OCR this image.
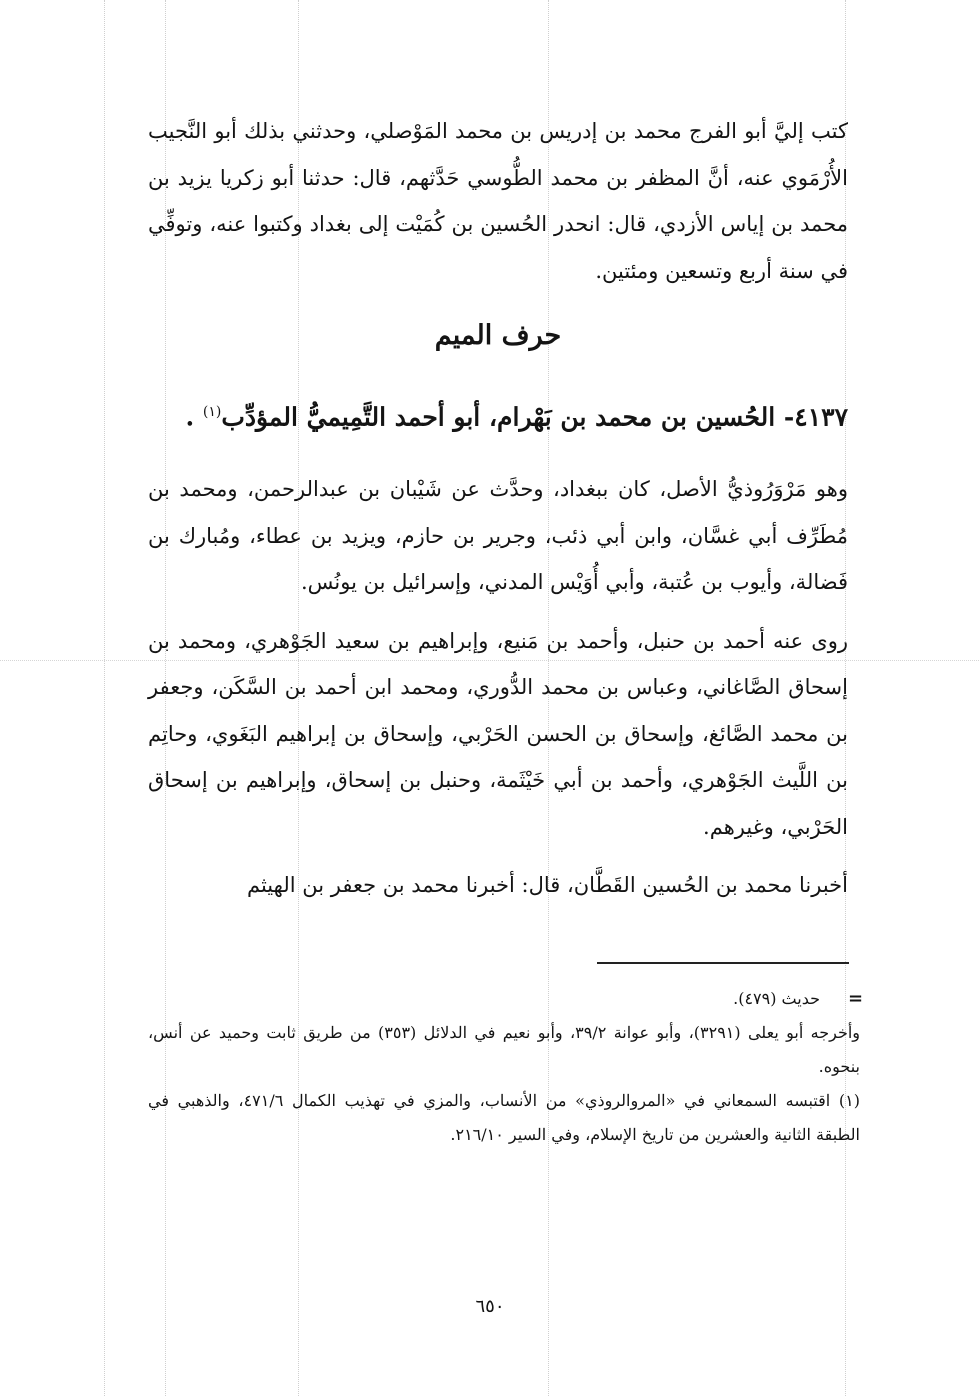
كتب إليَّ أبو الفرج محمد بن إدريس بن محمد المَوْصلي، وحدثني بذلك أبو النَّجيب الأُرْمَوي عنه، أنَّ المظفر بن محمد الطُّوسي حَدَّثهم، قال: حدثنا أبو زكريا يزيد بن محمد بن إياس الأزدي، قال: انحدر الحُسين بن كُمَيْت إلى بغداد وكتبوا عنه، وتوفِّي في سنة أربع وتسعين ومئتين.

حرف الميم
٤١٣٧- الحُسين بن محمد بن بَهْرام، أبو أحمد التَّمِيميُّ المؤدِّب$^{(١)}$ .

وهو مَرْوَرُوذيُّ الأصل، كان ببغداد، وحدَّث عن شَيْبان بن عبدالرحمن، ومحمد بن مُطَرِّف أبي غسَّان، وابن أبي ذئب، وجرير بن حازم، ويزيد بن عطاء، ومُبارك بن فَضالة، وأيوب بن عُتبة، وأبي أُوَيْس المدني، وإسرائيل بن يونُس.

روى عنه أحمد بن حنبل، وأحمد بن مَنيع، وإبراهيم بن سعيد الجَوْهري، ومحمد بن إسحاق الصَّاغاني، وعباس بن محمد الدُّوري، ومحمد ابن أحمد بن السَّكَن، وجعفر بن محمد الصَّائغ، وإسحاق بن الحسن الحَرْبي، وإسحاق بن إبراهيم البَغَوي، وحاتِم بن اللَّيث الجَوْهري، وأحمد بن أبي خَيْثَمة، وحنبل بن إسحاق، وإبراهيم بن إسحاق الحَرْبي، وغيرهم.

أخبرنا محمد بن الحُسين القَطَّان، قال: أخبرنا محمد بن جعفر بن الهيثم

=

حديث (٤٧٩).

وأخرجه أبو يعلى (٣٢٩١)، وأبو عوانة ٣٩/٢، وأبو نعيم في الدلائل (٣٥٣) من طريق ثابت وحميد عن أنس، بنحوه.

(١) اقتبسه السمعاني في «المروالروذي» من الأنساب، والمزي في تهذيب الكمال ٤٧١/٦، والذهبي في الطبقة الثانية والعشرين من تاريخ الإسلام، وفي السير ٢١٦/١٠.

٦٥٠
